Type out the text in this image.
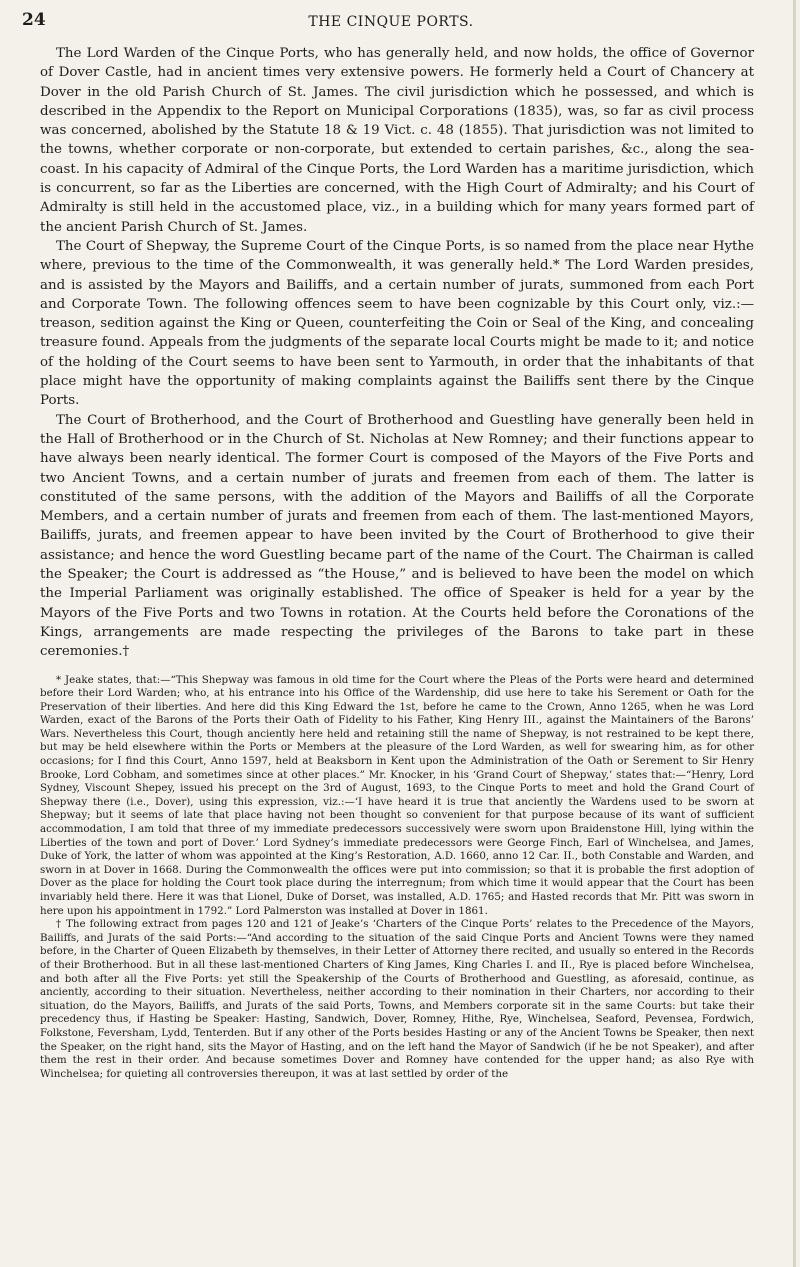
24	THE CINQUE PORTS.

The Lord Warden of the Cinque Ports, who has generally held, and now holds, the office of Governor of Dover Castle, had in ancient times very extensive powers. He formerly held a Court of Chancery at Dover in the old Parish Church of St. James. The civil jurisdiction which he possessed, and which is described in the Appendix to the Report on Municipal Corporations (1835), was, so far as civil process was concerned, abolished by the Statute 18 & 19 Vict. c. 48 (1855). That jurisdiction was not limited to the towns, whether corporate or non-corporate, but extended to certain parishes, &c., along the sea-coast. In his capacity of Admiral of the Cinque Ports, the Lord Warden has a maritime jurisdiction, which is concurrent, so far as the Liberties are concerned, with the High Court of Admiralty; and his Court of Admiralty is still held in the accustomed place, viz., in a building which for many years formed part of the ancient Parish Church of St. James.

The Court of Shepway, the Supreme Court of the Cinque Ports, is so named from the place near Hythe where, previous to the time of the Commonwealth, it was generally held.* The Lord Warden presides, and is assisted by the Mayors and Bailiffs, and a certain number of jurats, summoned from each Port and Corporate Town. The following offences seem to have been cognizable by this Court only, viz.:—treason, sedition against the King or Queen, counterfeiting the Coin or Seal of the King, and concealing treasure found. Appeals from the judgments of the separate local Courts might be made to it; and notice of the holding of the Court seems to have been sent to Yarmouth, in order that the inhabitants of that place might have the opportunity of making complaints against the Bailiffs sent there by the Cinque Ports.

The Court of Brotherhood, and the Court of Brotherhood and Guestling have generally been held in the Hall of Brotherhood or in the Church of St. Nicholas at New Romney; and their functions appear to have always been nearly identical. The former Court is composed of the Mayors of the Five Ports and two Ancient Towns, and a certain number of jurats and freemen from each of them. The latter is constituted of the same persons, with the addition of the Mayors and Bailiffs of all the Corporate Members, and a certain number of jurats and freemen from each of them. The last-mentioned Mayors, Bailiffs, jurats, and freemen appear to have been invited by the Court of Brotherhood to give their assistance; and hence the word Guestling became part of the name of the Court. The Chairman is called the Speaker; the Court is addressed as “the House,” and is believed to have been the model on which the Imperial Parliament was originally established. The office of Speaker is held for a year by the Mayors of the Five Ports and two Towns in rotation. At the Courts held before the Coronations of the Kings, arrangements are made respecting the privileges of the Barons to take part in these ceremonies.†

* Jeake states, that:—“This Shepway was famous in old time for the Court where the Pleas of the Ports were heard and determined before their Lord Warden; who, at his entrance into his Office of the Wardenship, did use here to take his Serement or Oath for the Preservation of their liberties. And here did this King Edward the 1st, before he came to the Crown, Anno 1265, when he was Lord Warden, exact of the Barons of the Ports their Oath of Fidelity to his Father, King Henry III., against the Maintainers of the Barons’ Wars. Nevertheless this Court, though anciently here held and retaining still the name of Shepway, is not restrained to be kept there, but may be held elsewhere within the Ports or Members at the pleasure of the Lord Warden, as well for swearing him, as for other occasions; for I find this Court, Anno 1597, held at Beaksborn in Kent upon the Administration of the Oath or Serement to Sir Henry Brooke, Lord Cobham, and sometimes since at other places.” Mr. Knocker, in his ‘Grand Court of Shepway,’ states that:—“Henry, Lord Sydney, Viscount Shepey, issued his precept on the 3rd of August, 1693, to the Cinque Ports to meet and hold the Grand Court of Shepway there (i.e., Dover), using this expression, viz.:—‘I have heard it is true that anciently the Wardens used to be sworn at Shepway; but it seems of late that place having not been thought so convenient for that purpose because of its want of sufficient accommodation, I am told that three of my immediate predecessors successively were sworn upon Braidenstone Hill, lying within the Liberties of the town and port of Dover.’ Lord Sydney’s immediate predecessors were George Finch, Earl of Winchelsea, and James, Duke of York, the latter of whom was appointed at the King’s Restoration, A.D. 1660, anno 12 Car. II., both Constable and Warden, and sworn in at Dover in 1668. During the Commonwealth the offices were put into commission; so that it is probable the first adoption of Dover as the place for holding the Court took place during the interregnum; from which time it would appear that the Court has been invariably held there. Here it was that Lionel, Duke of Dorset, was installed, A.D. 1765; and Hasted records that Mr. Pitt was sworn in here upon his appointment in 1792.” Lord Palmerston was installed at Dover in 1861.

† The following extract from pages 120 and 121 of Jeake’s ‘Charters of the Cinque Ports’ relates to the Precedence of the Mayors, Bailiffs, and Jurats of the said Ports:—“And according to the situation of the said Cinque Ports and Ancient Towns were they named before, in the Charter of Queen Elizabeth by themselves, in their Letter of Attorney there recited, and usually so entered in the Records of their Brotherhood. But in all these last-mentioned Charters of King James, King Charles I. and II., Rye is placed before Winchelsea, and both after all the Five Ports: yet still the Speakership of the Courts of Brotherhood and Guestling, as aforesaid, continue, as anciently, according to their situation. Nevertheless, neither according to their nomination in their Charters, nor according to their situation, do the Mayors, Bailiffs, and Jurats of the said Ports, Towns, and Members corporate sit in the same Courts: but take their precedency thus, if Hasting be Speaker: Hasting, Sandwich, Dover, Romney, Hithe, Rye, Winchelsea, Seaford, Pevensea, Fordwich, Folkstone, Feversham, Lydd, Tenterden. But if any other of the Ports besides Hasting or any of the Ancient Towns be Speaker, then next the Speaker, on the right hand, sits the Mayor of Hasting, and on the left hand the Mayor of Sandwich (if he be not Speaker), and after them the rest in their order. And because sometimes Dover and Romney have contended for the upper hand; as also Rye with Winchelsea; for quieting all controversies thereupon, it was at last settled by order of the
